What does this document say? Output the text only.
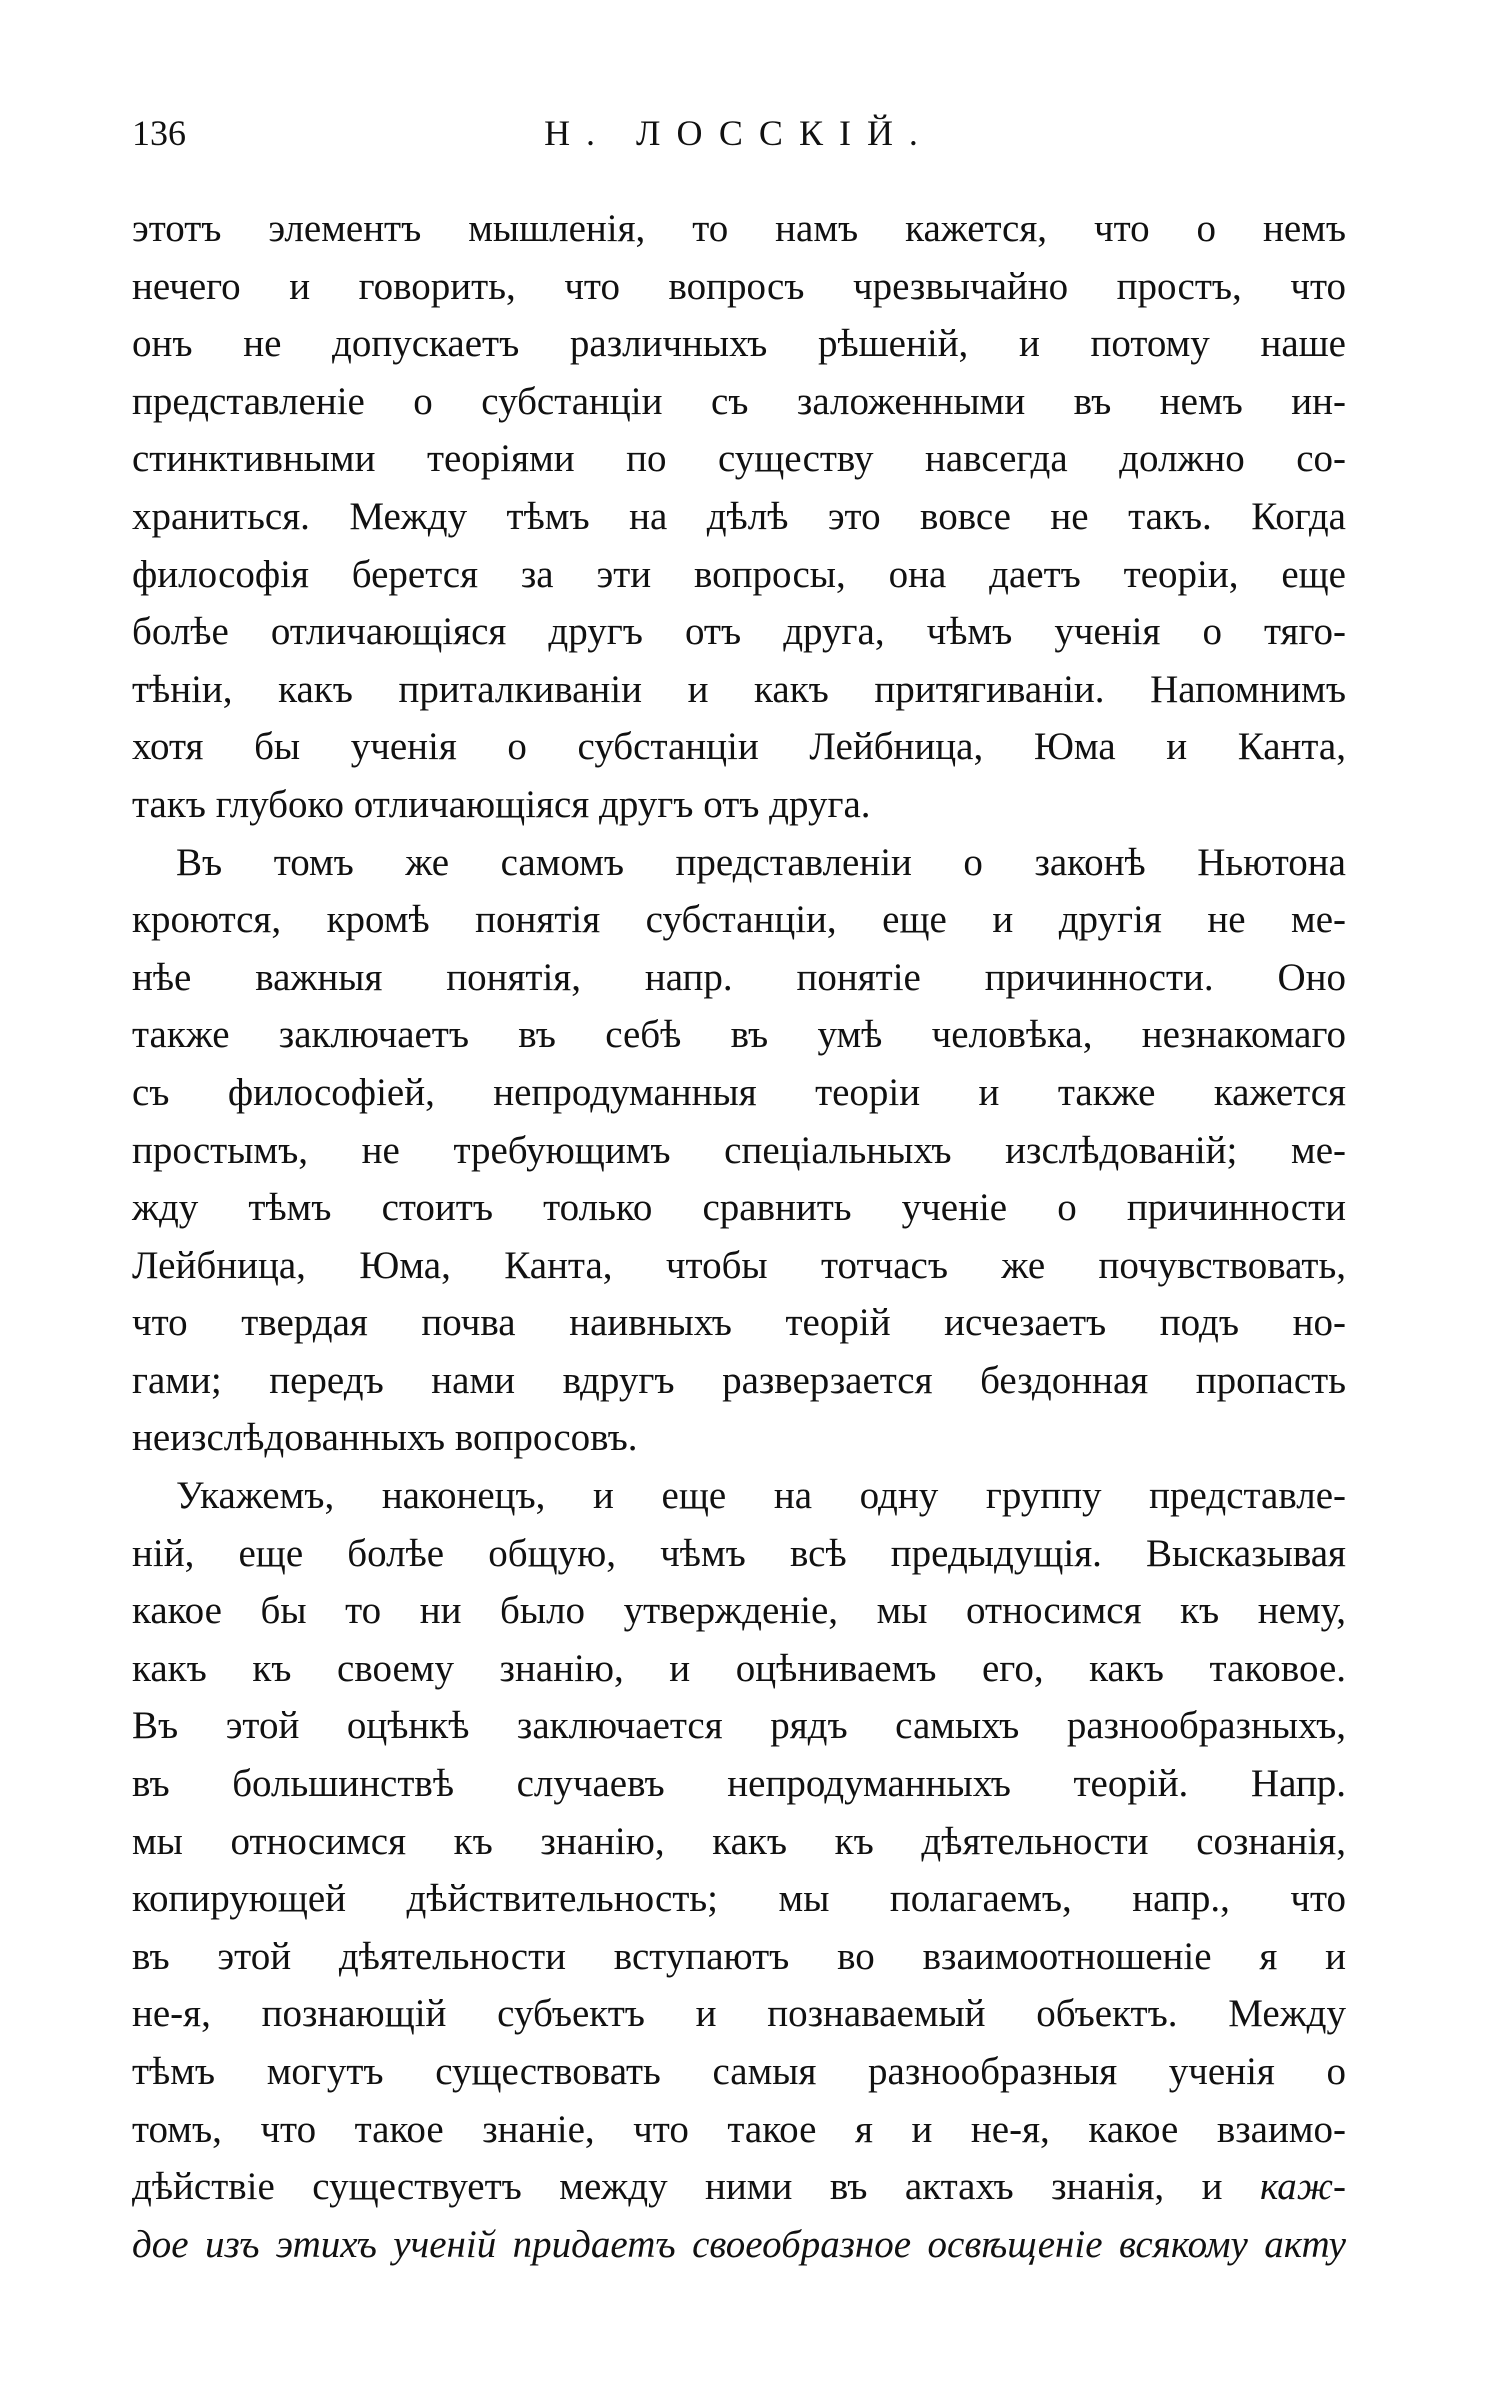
136	Н. ЛОССКІЙ.
этотъ элементъ мышленія, то намъ кажется, что о немъ
нечего и говорить, что вопросъ чрезвычайно простъ, что
онъ не допускаетъ различныхъ рѣшеній, и потому наше
представленіе о субстанціи съ заложенными въ немъ ин-
стинктивными теоріями по существу навсегда должно со-
храниться. Между тѣмъ на дѣлѣ это вовсе не такъ. Когда
философія берется за эти вопросы, она даетъ теоріи, еще
болѣе отличающіяся другъ отъ друга, чѣмъ ученія о тяго-
тѣніи, какъ приталкиваніи и какъ притягиваніи. Напомнимъ
хотя бы ученія о субстанціи Лейбница, Юма и Канта,
такъ глубоко отличающіяся другъ отъ друга.
Въ томъ же самомъ представленіи о законѣ Ньютона
кроются, кромѣ понятія субстанціи, еще и другія не ме-
нѣе важныя понятія, напр. понятіе причинности. Оно
также заключаетъ въ себѣ въ умѣ человѣка, незнакомаго
съ философіей, непродуманныя теоріи и также кажется
простымъ, не требующимъ спеціальныхъ изслѣдованій; ме-
жду тѣмъ стоитъ только сравнить ученіе о причинности
Лейбница, Юма, Канта, чтобы тотчасъ же почувствовать,
что твердая почва наивныхъ теорій исчезаетъ подъ но-
гами; передъ нами вдругъ разверзается бездонная пропасть
неизслѣдованныхъ вопросовъ.
Укажемъ, наконецъ, и еще на одну группу представле-
ній, еще болѣе общую, чѣмъ всѣ предыдущія. Высказывая
какое бы то ни было утвержденіе, мы относимся къ нему,
какъ къ своему знанію, и оцѣниваемъ его, какъ таковое.
Въ этой оцѣнкѣ заключается рядъ самыхъ разнообразныхъ,
въ большинствѣ случаевъ непродуманныхъ теорій. Напр.
мы относимся къ знанію, какъ къ дѣятельности сознанія,
копирующей дѣйствительность; мы полагаемъ, напр., что
въ этой дѣятельности вступаютъ во взаимоотношеніе я и
не-я, познающій субъектъ и познаваемый объектъ. Между
тѣмъ могутъ существовать самыя разнообразныя ученія о
томъ, что такое знаніе, что такое я и не-я, какое взаимо-
дѣйствіе существуетъ между ними въ актахъ знанія, и каж-
дое изъ этихъ ученій придаетъ своеобразное освѣщеніе всякому акту
